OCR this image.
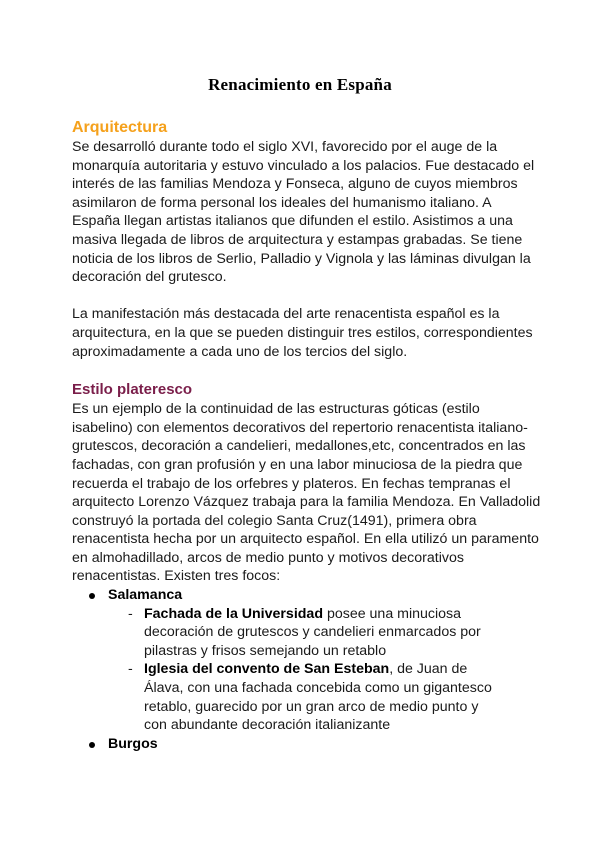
Renacimiento en España
Arquitectura

Se desarrolló durante todo el siglo XVI, favorecido por el auge de la monarquía autoritaria y estuvo vinculado a los palacios. Fue destacado el interés de las familias Mendoza y Fonseca, alguno de cuyos miembros asimilaron de forma personal los ideales del humanismo italiano. A España llegan artistas italianos que difunden el estilo. Asistimos a una masiva llegada de libros de arquitectura y estampas grabadas. Se tiene noticia de los libros de Serlio, Palladio y Vignola y las láminas divulgan la decoración del grutesco.

La manifestación más destacada del arte renacentista español es la arquitectura, en la que se pueden distinguir tres estilos, correspondientes aproximadamente a cada uno de los tercios del siglo.

Estilo plateresco

Es un ejemplo de la continuidad de las estructuras góticas (estilo isabelino) con elementos decorativos del repertorio renacentista italiano-grutescos, decoración a candelieri, medallones,etc, concentrados en las fachadas, con gran profusión y en una labor minuciosa de la piedra que recuerda el trabajo de los orfebres y plateros. En fechas tempranas el arquitecto Lorenzo Vázquez trabaja para la familia Mendoza. En Valladolid construyó la portada del colegio Santa Cruz(1491), primera obra renacentista hecha por un arquitecto español. En ella utilizó un paramento en almohadillado, arcos de medio punto y motivos decorativos renacentistas. Existen tres focos:

Salamanca
- Fachada de la Universidad posee una minuciosa decoración de grutescos y candelieri enmarcados por pilastras y frisos semejando un retablo
- Iglesia del convento de San Esteban, de Juan de Álava, con una fachada concebida como un gigantesco retablo, guarecido por un gran arco de medio punto y con abundante decoración italianizante
Burgos
